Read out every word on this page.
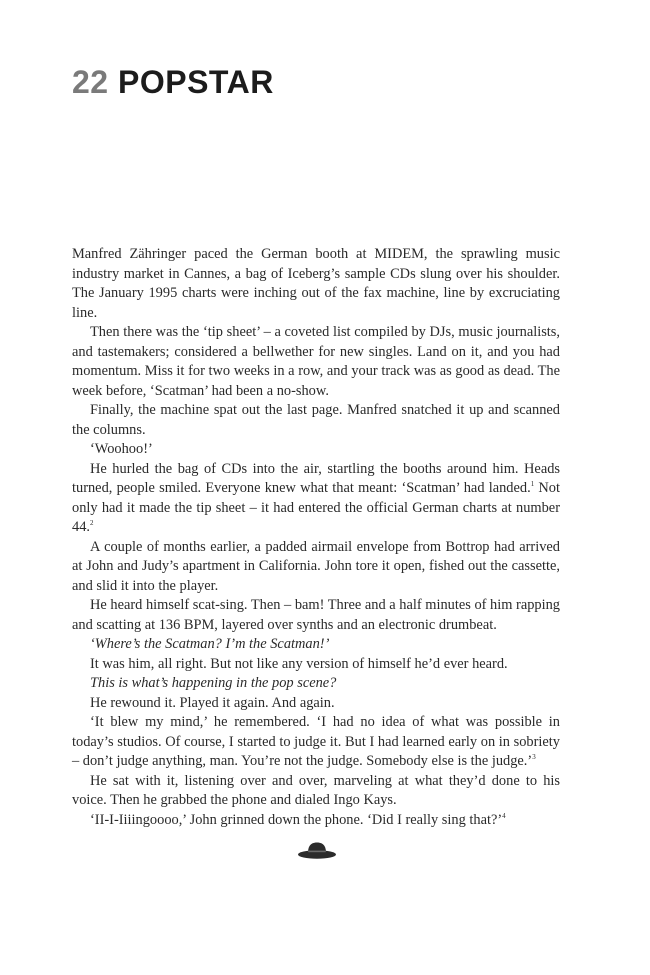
22 POPSTAR

Manfred Zähringer paced the German booth at MIDEM, the sprawling music industry market in Cannes, a bag of Iceberg’s sample CDs slung over his shoulder. The January 1995 charts were inching out of the fax machine, line by excruciating line.

Then there was the ‘tip sheet’ – a coveted list compiled by DJs, music journalists, and tastemakers; considered a bellwether for new singles. Land on it, and you had momentum. Miss it for two weeks in a row, and your track was as good as dead. The week before, ‘Scatman’ had been a no-show.

Finally, the machine spat out the last page. Manfred snatched it up and scanned the columns.

‘Woohoo!’

He hurled the bag of CDs into the air, startling the booths around him. Heads turned, people smiled. Everyone knew what that meant: ‘Scatman’ had landed.$^1$ Not only had it made the tip sheet – it had entered the official German charts at number 44.$^2$

A couple of months earlier, a padded airmail envelope from Bottrop had arrived at John and Judy’s apartment in California. John tore it open, fished out the cassette, and slid it into the player.

He heard himself scat-sing. Then – bam! Three and a half minutes of him rapping and scatting at 136 BPM, layered over synths and an electronic drumbeat.

‘Where’s the Scatman? I’m the Scatman!’

It was him, all right. But not like any version of himself he’d ever heard.

This is what’s happening in the pop scene?

He rewound it. Played it again. And again.

‘It blew my mind,’ he remembered. ‘I had no idea of what was possible in today’s studios. Of course, I started to judge it. But I had learned early on in sobriety – don’t judge anything, man. You’re not the judge. Somebody else is the judge.’$^3$

He sat with it, listening over and over, marveling at what they’d done to his voice. Then he grabbed the phone and dialed Ingo Kays.

‘II-I-Iiiingoooo,’ John grinned down the phone. ‘Did I really sing that?’$^4$
